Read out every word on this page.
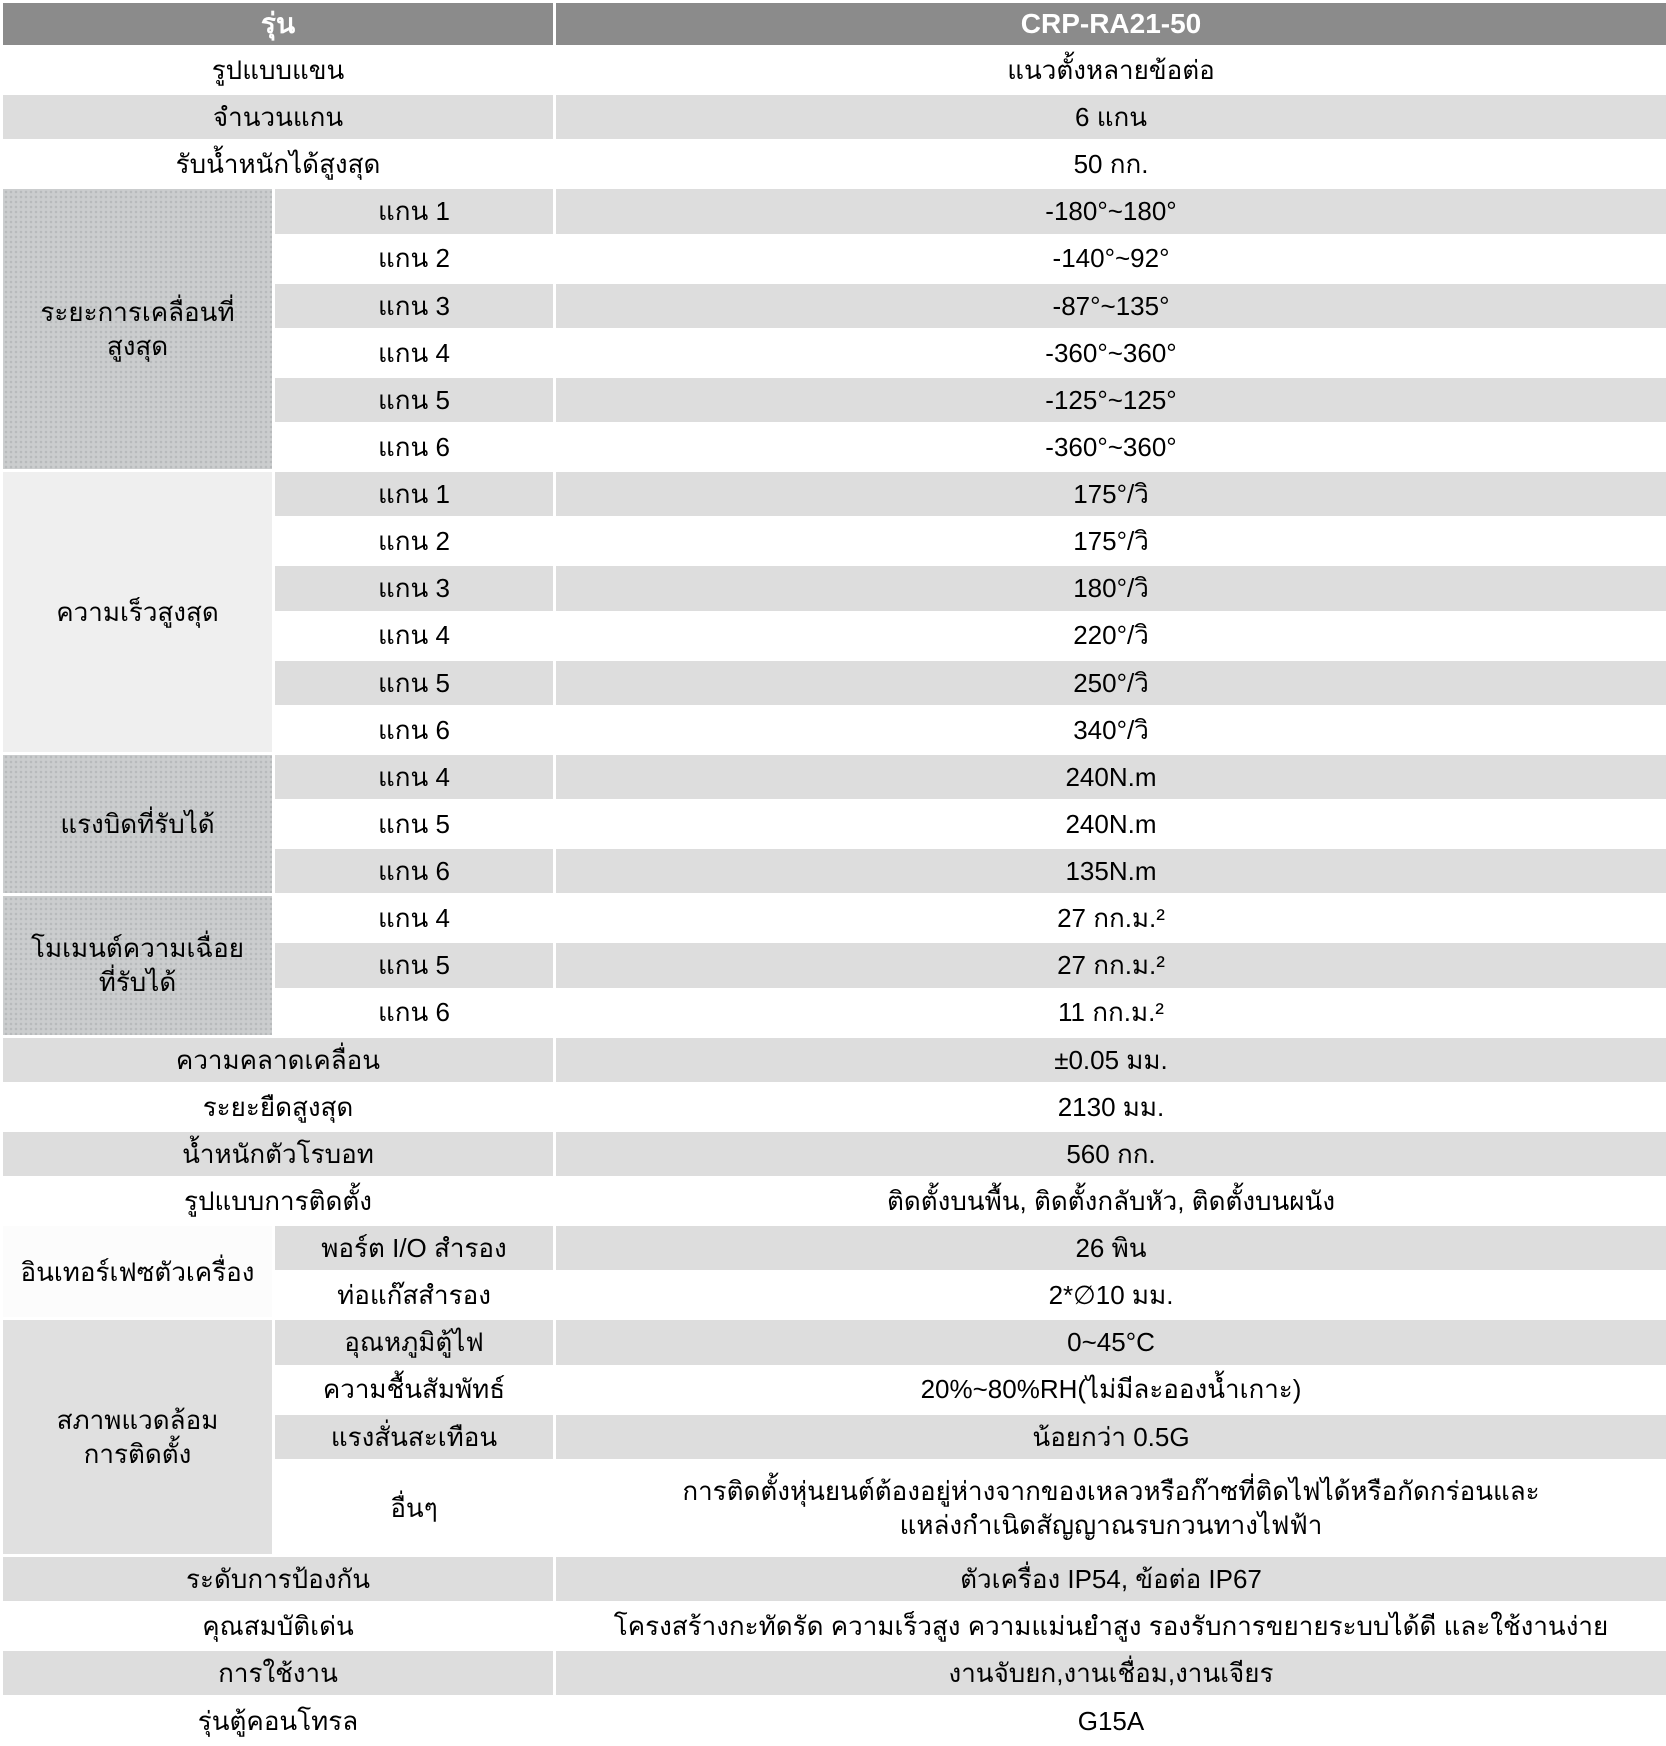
รุ่น		CRP-RA21-50
รูปแบบแขน		แนวตั้งหลายข้อต่อ
จำนวนแกน		6 แกน
รับน้ำหนักได้สูงสุด		50 กก.
ระยะการเคลื่อนที่
สูงสุด	แกน 1	-180°~180°
	แกน 2	-140°~92°
	แกน 3	-87°~135°
	แกน 4	-360°~360°
	แกน 5	-125°~125°
	แกน 6	-360°~360°
ความเร็วสูงสุด	แกน 1	175°/วิ
	แกน 2	175°/วิ
	แกน 3	180°/วิ
	แกน 4	220°/วิ
	แกน 5	250°/วิ
	แกน 6	340°/วิ
แรงบิดที่รับได้	แกน 4	240N.m
	แกน 5	240N.m
	แกน 6	135N.m
โมเมนต์ความเฉื่อย
ที่รับได้	แกน 4	27 กก.ม.²
	แกน 5	27 กก.ม.²
	แกน 6	11 กก.ม.²
ความคลาดเคลื่อน		±0.05 มม.
ระยะยืดสูงสุด		2130 มม.
น้ำหนักตัวโรบอท		560 กก.
รูปแบบการติดตั้ง		ติดตั้งบนพื้น, ติดตั้งกลับหัว, ติดตั้งบนผนัง
อินเทอร์เฟซตัวเครื่อง	พอร์ต I/O สำรอง	26 พิน
	ท่อแก๊สสำรอง	2*∅10 มม.
สภาพแวดล้อม
การติดตั้ง	อุณหภูมิตู้ไฟ	0~45°C
	ความชื้นสัมพัทธ์	20%~80%RH(ไม่มีละอองน้ำเกาะ)
	แรงสั่นสะเทือน	น้อยกว่า 0.5G
	อื่นๆ	การติดตั้งหุ่นยนต์ต้องอยู่ห่างจากของเหลวหรือก๊าซที่ติดไฟได้หรือกัดกร่อนและ
แหล่งกำเนิดสัญญาณรบกวนทางไฟฟ้า
ระดับการป้องกัน		ตัวเครื่อง IP54, ข้อต่อ IP67
คุณสมบัติเด่น		โครงสร้างกะทัดรัด ความเร็วสูง ความแม่นยำสูง รองรับการขยายระบบได้ดี และใช้งานง่าย
การใช้งาน		งานจับยก,งานเชื่อม,งานเจียร
รุ่นตู้คอนโทรล		G15A
